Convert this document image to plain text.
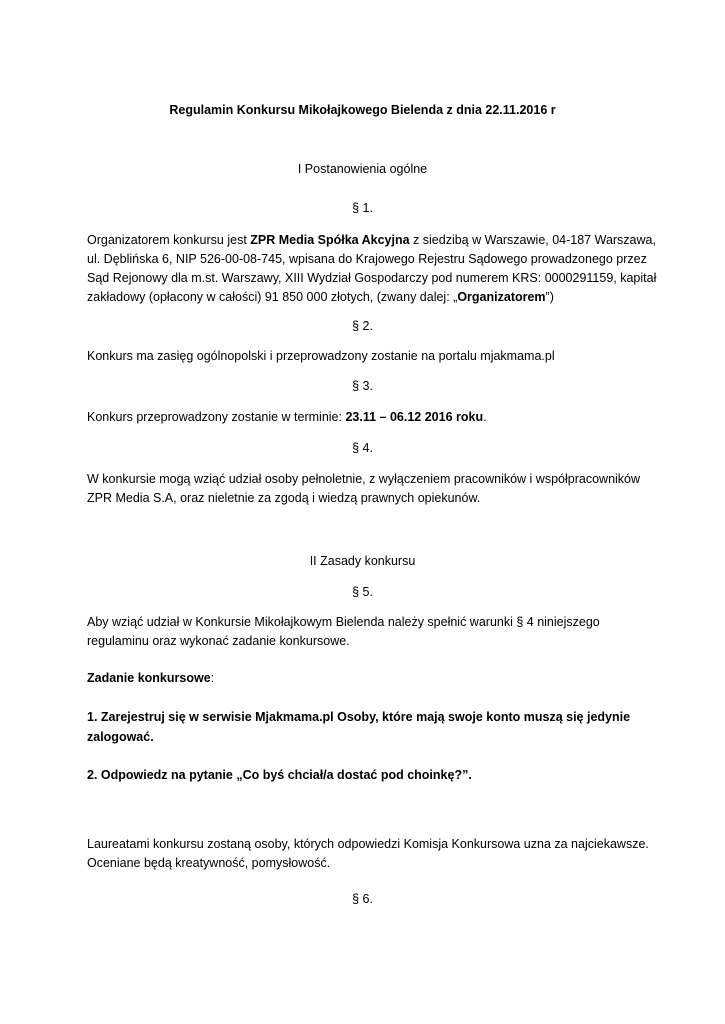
Regulamin Konkursu Mikołajkowego Bielenda z dnia 22.11.2016 r
I Postanowienia ogólne
§ 1.
Organizatorem konkursu jest ZPR Media Spółka Akcyjna z siedzibą w Warszawie, 04-187 Warszawa,
ul. Dęblińska 6, NIP 526-00-08-745, wpisana do Krajowego Rejestru Sądowego prowadzonego przez
Sąd Rejonowy dla m.st. Warszawy, XIII Wydział Gospodarczy pod numerem KRS: 0000291159, kapitał
zakładowy (opłacony w całości) 91 850 000 złotych, (zwany dalej: „Organizatorem”)
§ 2.
Konkurs ma zasięg ogólnopolski i przeprowadzony zostanie na portalu mjakmama.pl
§ 3.
Konkurs przeprowadzony zostanie w terminie: 23.11 – 06.12 2016 roku.
§ 4.
W konkursie mogą wziąć udział osoby pełnoletnie, z wyłączeniem pracowników i współpracowników
ZPR Media S.A, oraz nieletnie za zgodą i wiedzą prawnych opiekunów.
II Zasady konkursu
§ 5.
Aby wziąć udział w Konkursie Mikołajkowym Bielenda należy spełnić warunki § 4 niniejszego
regulaminu oraz wykonać zadanie konkursowe.
Zadanie konkursowe:
1. Zarejestruj się w serwisie Mjakmama.pl Osoby, które mają swoje konto muszą się jedynie
zalogować.
2. Odpowiedz na pytanie „Co byś chciał/a dostać pod choinkę?”.
Laureatami konkursu zostaną osoby, których odpowiedzi Komisja Konkursowa uzna za najciekawsze.
Oceniane będą kreatywność, pomysłowość.
§ 6.
